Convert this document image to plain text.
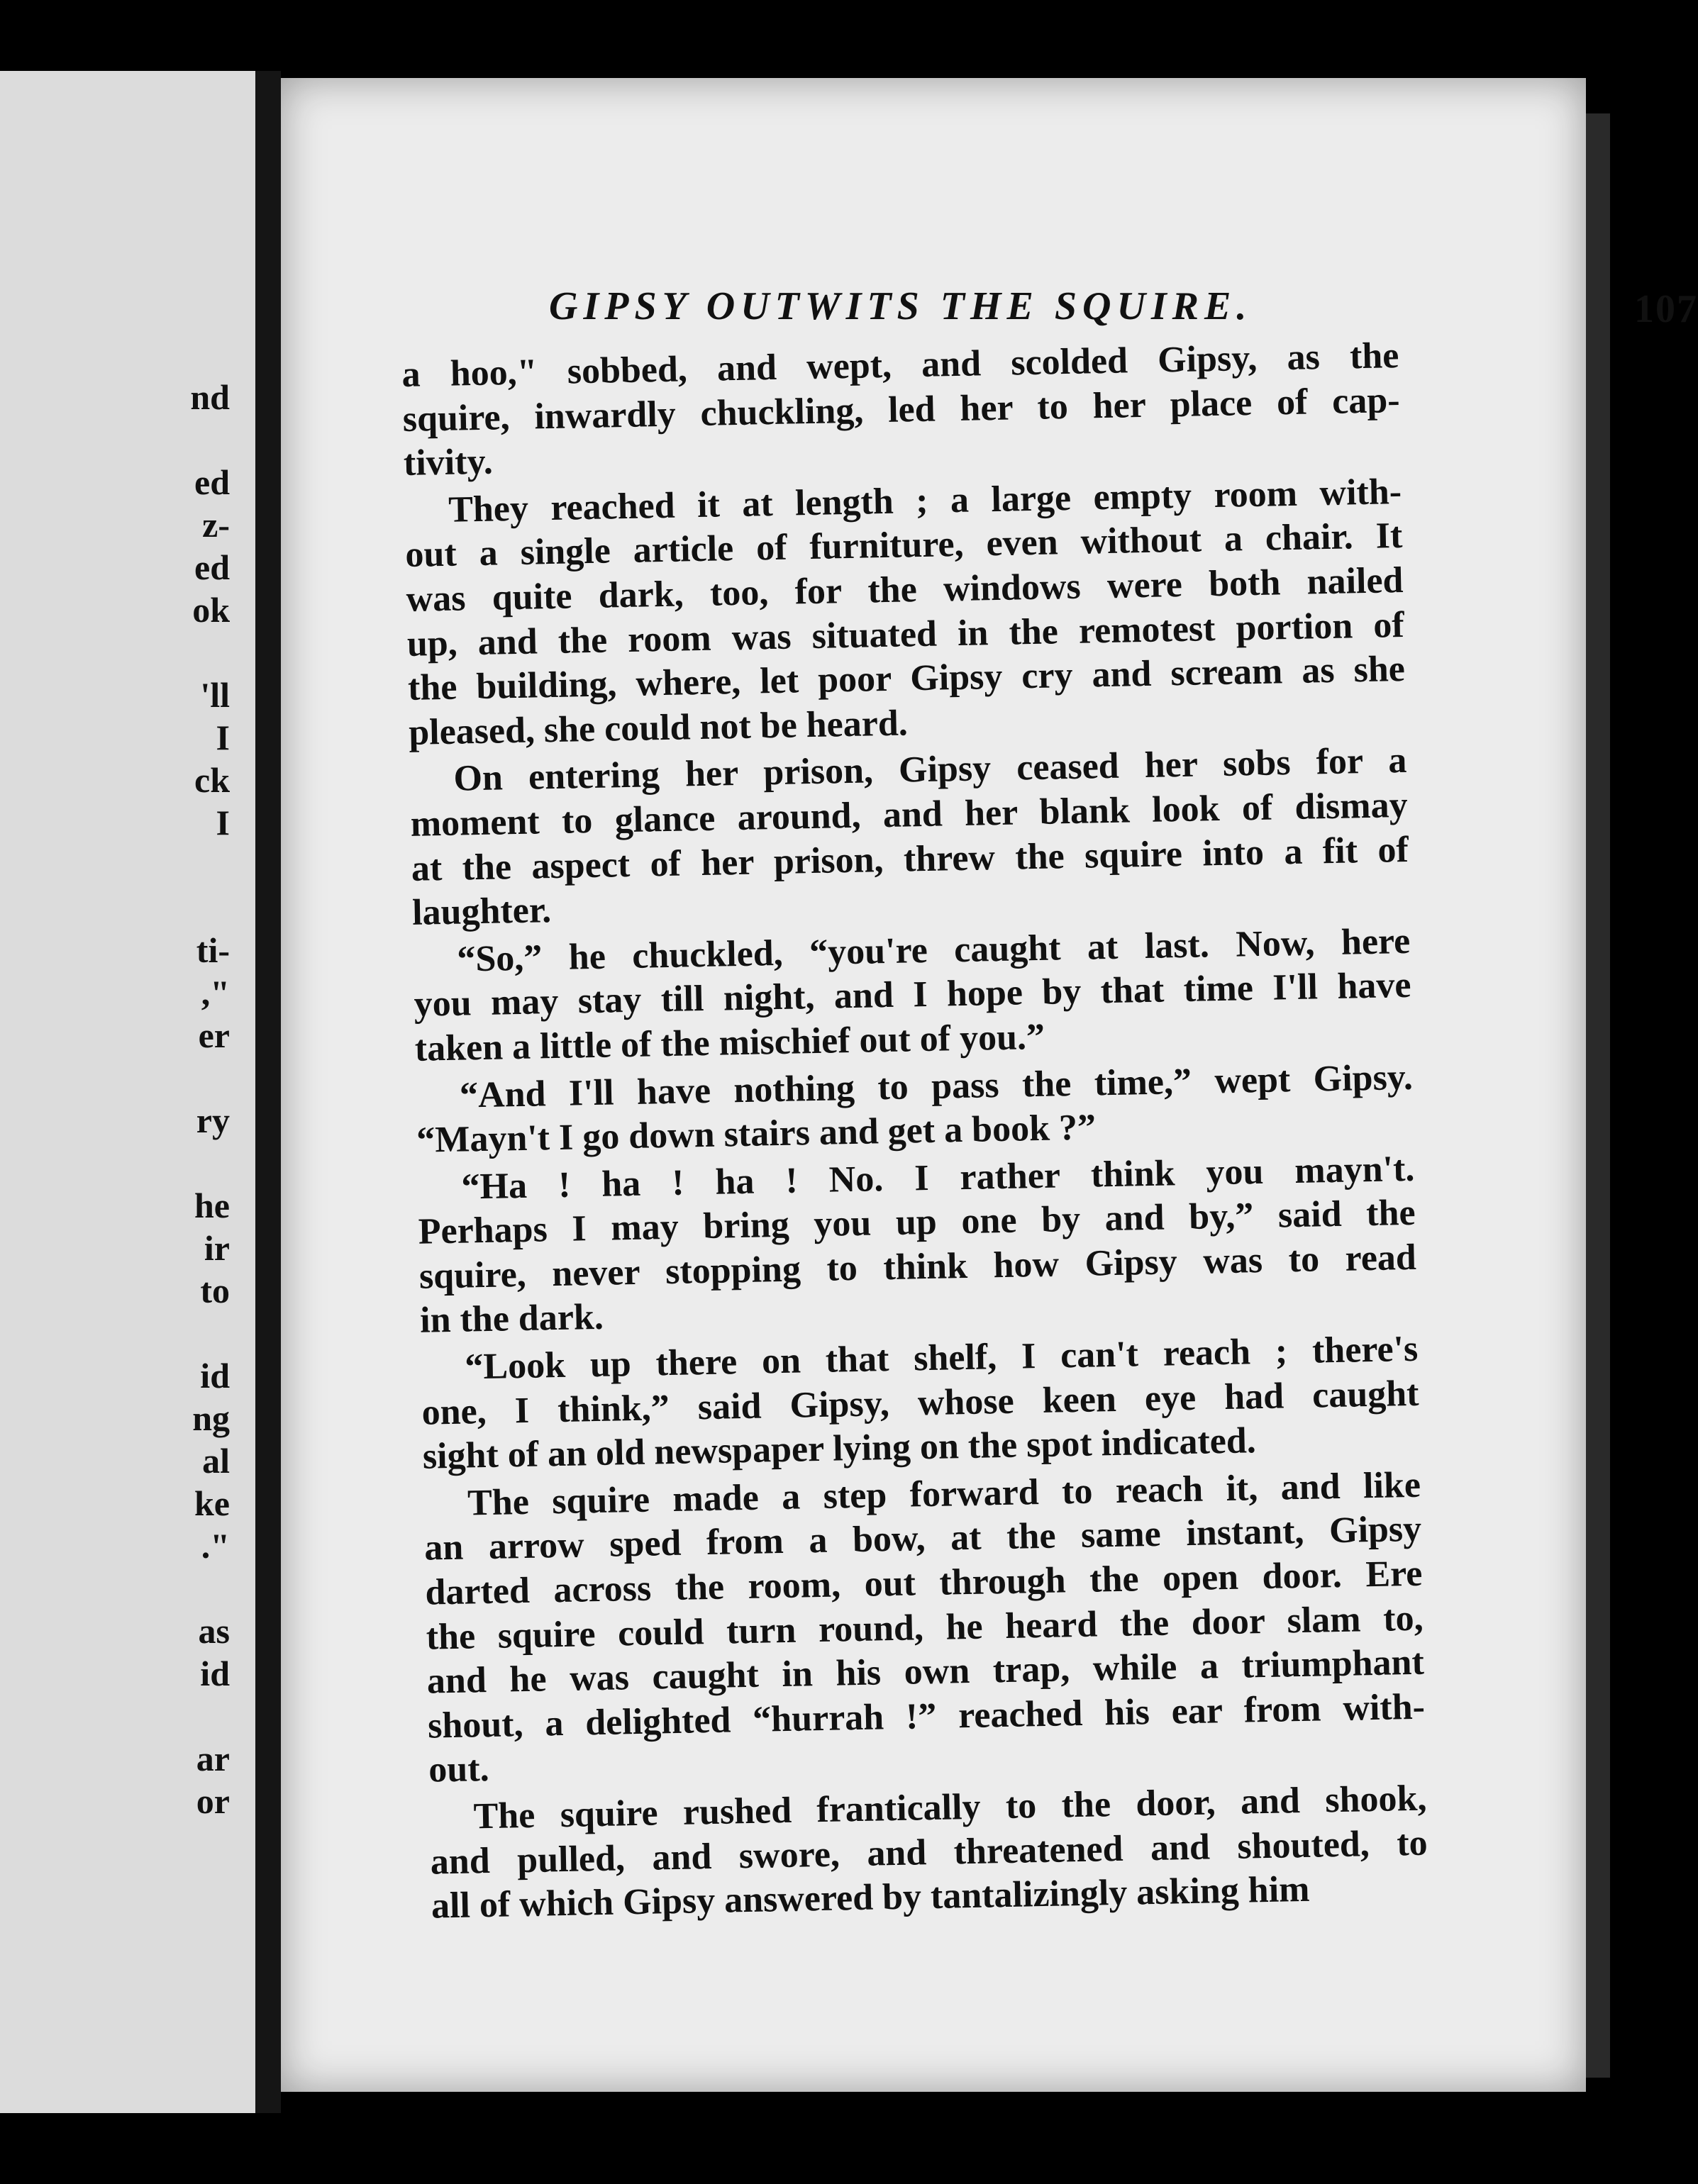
nd
ed
z-
ed
ok
'll
I
ck
I
ti-
,"
er
ry
he
ir
to
id
ng
al
ke
."
as
id
ar
or
GIPSY OUTWITS THE SQUIRE.	107
a hoo," sobbed, and wept, and scolded Gipsy, as the
squire, inwardly chuckling, led her to her place of cap-
tivity.
They reached it at length ; a large empty room with-
out a single article of furniture, even without a chair. It
was quite dark, too, for the windows were both nailed
up, and the room was situated in the remotest portion of
the building, where, let poor Gipsy cry and scream as she
pleased, she could not be heard.
On entering her prison, Gipsy ceased her sobs for a
moment to glance around, and her blank look of dismay
at the aspect of her prison, threw the squire into a fit of
laughter.
“So,” he chuckled, “you're caught at last. Now, here
you may stay till night, and I hope by that time I'll have
taken a little of the mischief out of you.”
“And I'll have nothing to pass the time,” wept Gipsy.
“Mayn't I go down stairs and get a book ?”
“Ha ! ha ! ha ! No. I rather think you mayn't.
Perhaps I may bring you up one by and by,” said the
squire, never stopping to think how Gipsy was to read
in the dark.
“Look up there on that shelf, I can't reach ; there's
one, I think,” said Gipsy, whose keen eye had caught
sight of an old newspaper lying on the spot indicated.
The squire made a step forward to reach it, and like
an arrow sped from a bow, at the same instant, Gipsy
darted across the room, out through the open door. Ere
the squire could turn round, he heard the door slam to,
and he was caught in his own trap, while a triumphant
shout, a delighted “hurrah !” reached his ear from with-
out.
The squire rushed frantically to the door, and shook,
and pulled, and swore, and threatened and shouted, to
all of which Gipsy answered by tantalizingly asking him
